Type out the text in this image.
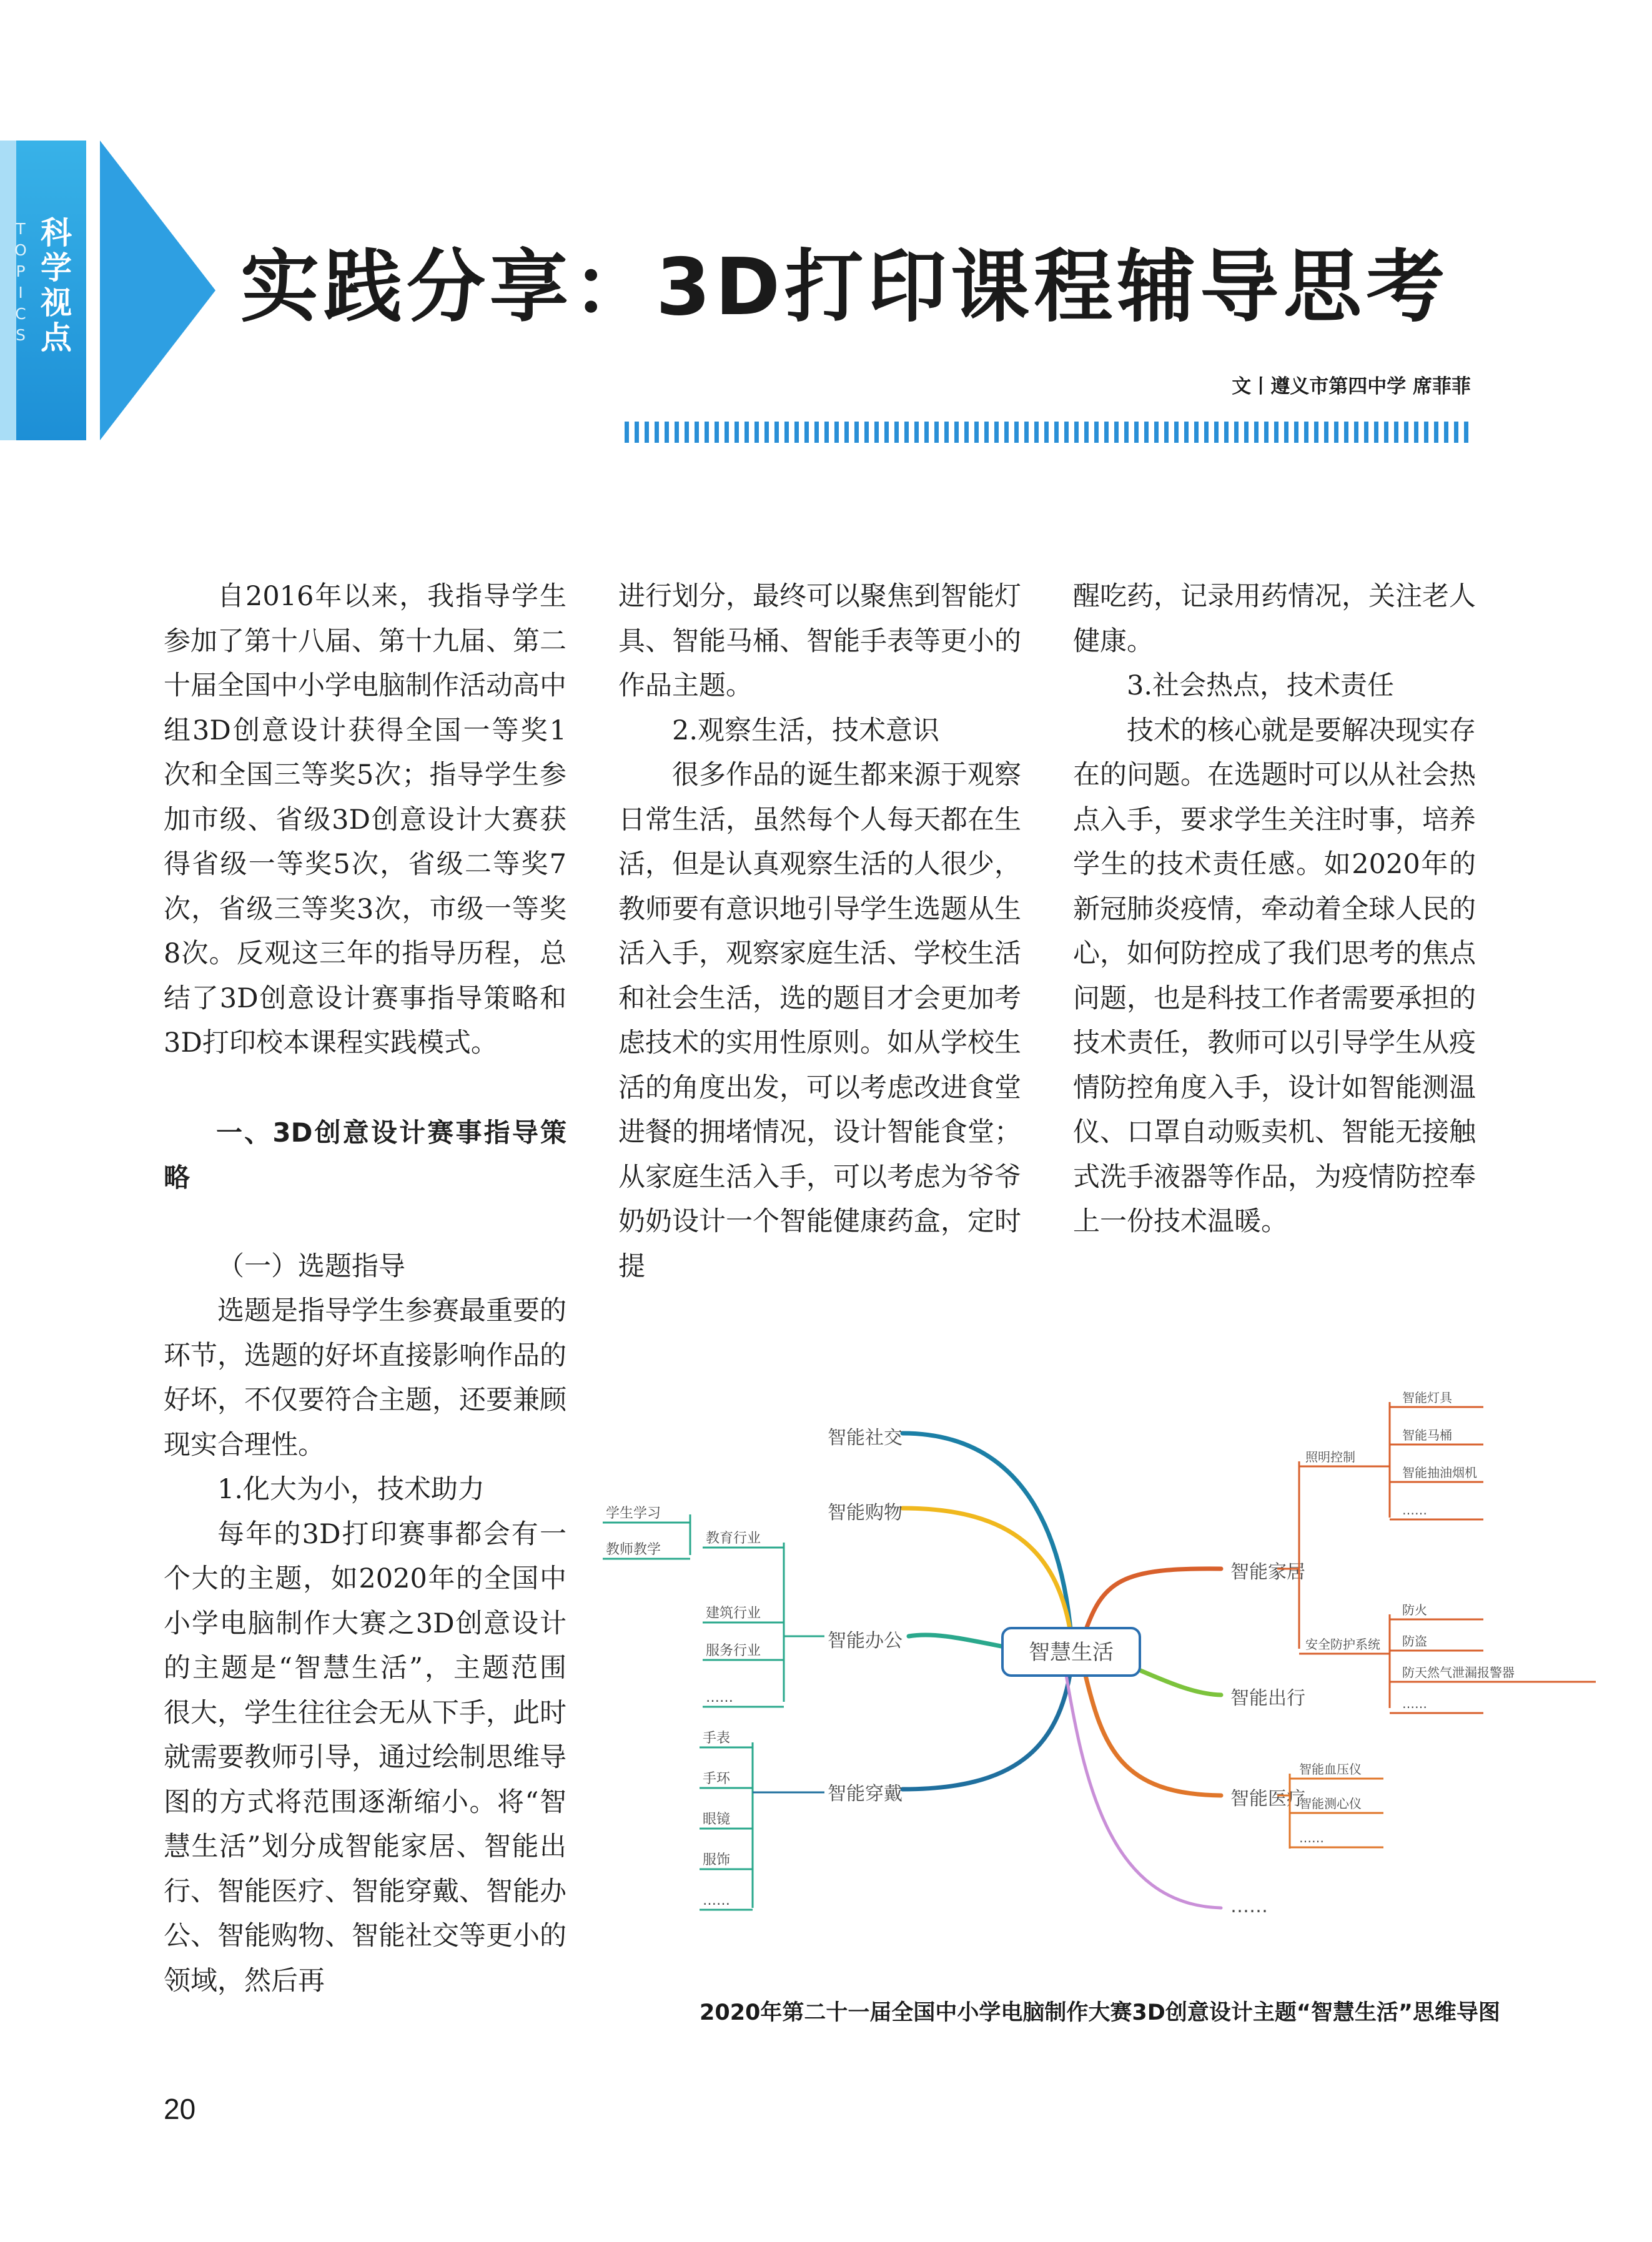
T
O
P
I
C
S
科
学
视
点
实践分享：3D打印课程辅导思考
文丨遵义市第四中学 席菲菲

自2016年以来，我指导学生参加了第十八届、第十九届、第二十届全国中小学电脑制作活动高中组3D创意设计获得全国一等奖1次和全国三等奖5次；指导学生参加市级、省级3D创意设计大赛获得省级一等奖5次，省级二等奖7次，省级三等奖3次，市级一等奖8次。反观这三年的指导历程，总结了3D创意设计赛事指导策略和3D打印校本课程实践模式。

一、3D创意设计赛事指导策略

（一）选题指导

选题是指导学生参赛最重要的环节，选题的好坏直接影响作品的好坏，不仅要符合主题，还要兼顾现实合理性。

1.化大为小，技术助力

每年的3D打印赛事都会有一个大的主题，如2020年的全国中小学电脑制作大赛之3D创意设计的主题是“智慧生活”，主题范围很大，学生往往会无从下手，此时就需要教师引导，通过绘制思维导图的方式将范围逐渐缩小。将“智慧生活”划分成智能家居、智能出行、智能医疗、智能穿戴、智能办公、智能购物、智能社交等更小的领域，然后再

进行划分，最终可以聚焦到智能灯具、智能马桶、智能手表等更小的作品主题。

2.观察生活，技术意识

很多作品的诞生都来源于观察日常生活，虽然每个人每天都在生活，但是认真观察生活的人很少，教师要有意识地引导学生选题从生活入手，观察家庭生活、学校生活和社会生活，选的题目才会更加考虑技术的实用性原则。如从学校生活的角度出发，可以考虑改进食堂进餐的拥堵情况，设计智能食堂；从家庭生活入手，可以考虑为爷爷奶奶设计一个智能健康药盒，定时提

醒吃药，记录用药情况，关注老人健康。

3.社会热点，技术责任

技术的核心就是要解决现实存在的问题。在选题时可以从社会热点入手，要求学生关注时事，培养学生的技术责任感。如2020年的新冠肺炎疫情，牵动着全球人民的心，如何防控成了我们思考的焦点问题，也是科技工作者需要承担的技术责任，教师可以引导学生从疫情防控角度入手，设计如智能测温仪、口罩自动贩卖机、智能无接触式洗手液器等作品，为疫情防控奉上一份技术温暖。

智能社交
智能购物
智能办公
智能穿戴
智能家居
智能出行
智能医疗
……
智慧生活
教育行业
建筑行业
服务行业
……
学生学习
教师教学
手表
手环
眼镜
服饰
……
照明控制
安全防护系统
智能灯具
智能马桶
智能抽油烟机
……
防火
防盗
防天然气泄漏报警器
……
智能血压仪
智能测心仪
……
2020年第二十一届全国中小学电脑制作大赛3D创意设计主题“智慧生活”思维导图
20
